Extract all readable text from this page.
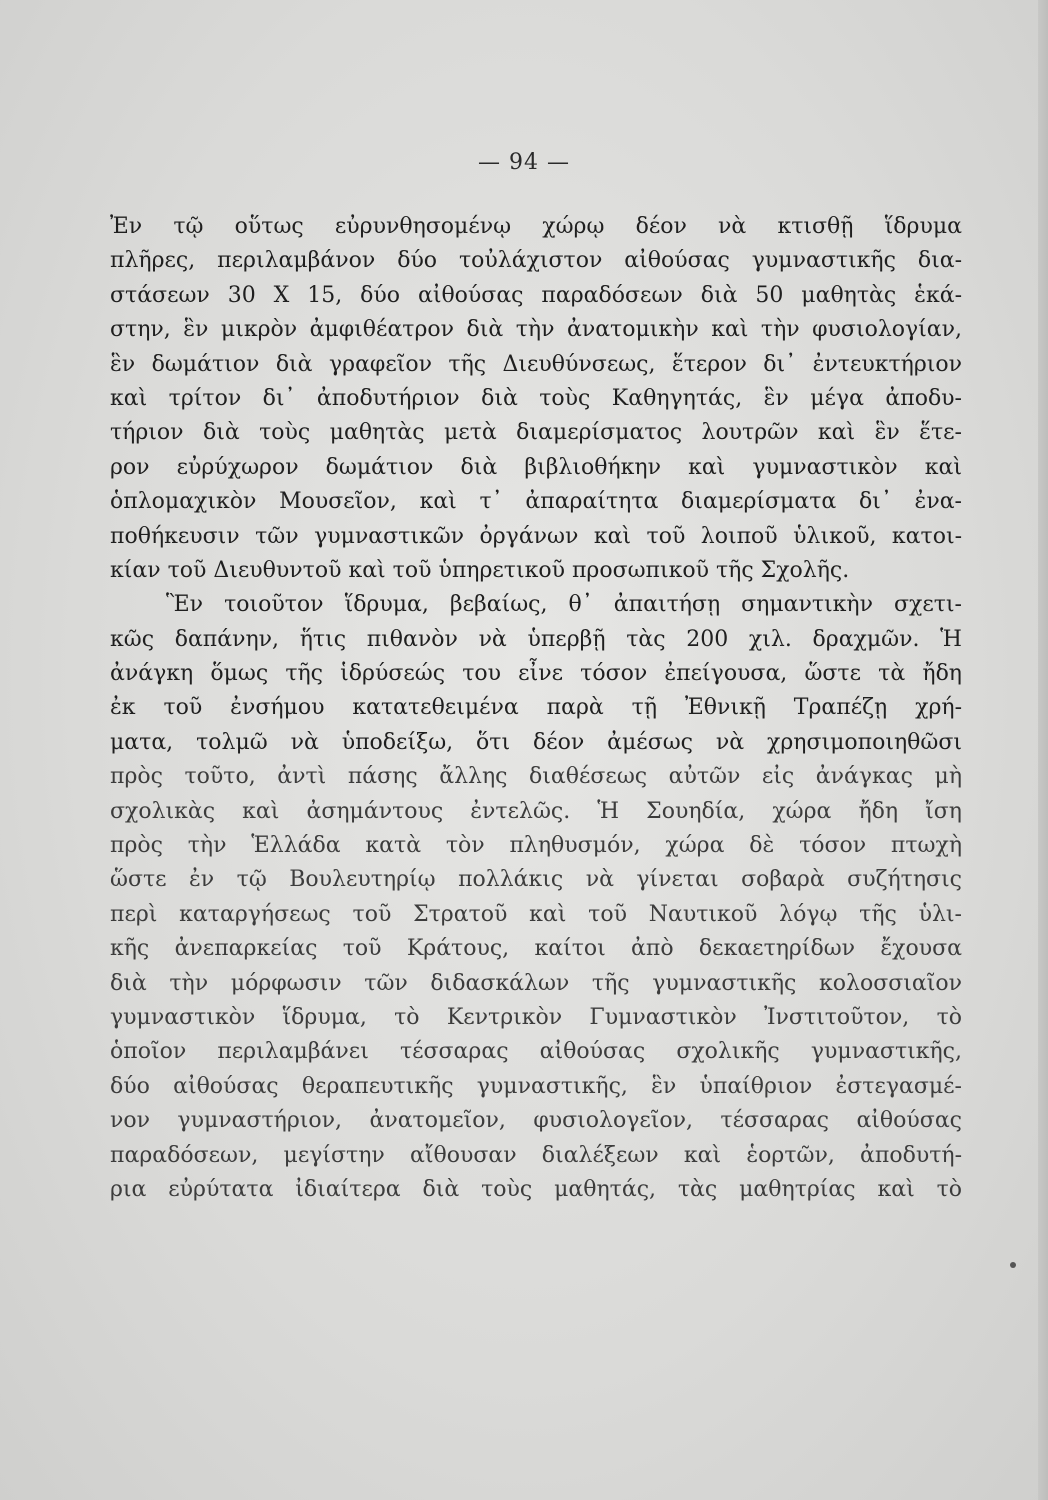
— 94 —
Ἐν τῷ οὕτως εὐρυνθησομένῳ χώρῳ δέον νὰ κτισθῇ ἵδρυμα
πλῆρες, περιλαμβάνον δύο τοὐλάχιστον αἰθούσας γυμναστικῆς δια-
στάσεων 30 X 15, δύο αἰθούσας παραδόσεων διὰ 50 μαθητὰς ἑκά-
στην, ἓν μικρὸν ἀμφιθέατρον διὰ τὴν ἀνατομικὴν καὶ τὴν φυσιολογίαν,
ἓν δωμάτιον διὰ γραφεῖον τῆς Διευθύνσεως, ἕτερον δι᾽ ἐντευκτήριον
καὶ τρίτον δι᾽ ἀποδυτήριον διὰ τοὺς Καθηγητάς, ἓν μέγα ἀποδυ-
τήριον διὰ τοὺς μαθητὰς μετὰ διαμερίσματος λουτρῶν καὶ ἓν ἕτε-
ρον εὐρύχωρον δωμάτιον διὰ βιβλιοθήκην καὶ γυμναστικὸν καὶ
ὁπλομαχικὸν Μουσεῖον, καὶ τ᾽ ἀπαραίτητα διαμερίσματα δι᾽ ἐνα-
ποθήκευσιν τῶν γυμναστικῶν ὀργάνων καὶ τοῦ λοιποῦ ὑλικοῦ, κατοι-
κίαν τοῦ Διευθυντοῦ καὶ τοῦ ὑπηρετικοῦ προσωπικοῦ τῆς Σχολῆς.
Ἓν τοιοῦτον ἵδρυμα, βεβαίως, θ᾽ ἀπαιτήσῃ σημαντικὴν σχετι-
κῶς δαπάνην, ἥτις πιθανὸν νὰ ὑπερβῇ τὰς 200 χιλ. δραχμῶν. Ἡ
ἀνάγκη ὅμως τῆς ἱδρύσεώς του εἶνε τόσον ἐπείγουσα, ὥστε τὰ ἤδη
ἐκ τοῦ ἐνσήμου κατατεθειμένα παρὰ τῇ Ἐθνικῇ Τραπέζῃ χρή-
ματα, τολμῶ νὰ ὑποδείξω, ὅτι δέον ἀμέσως νὰ χρησιμοποιηθῶσι
πρὸς τοῦτο, ἀντὶ πάσης ἄλλης διαθέσεως αὐτῶν εἰς ἀνάγκας μὴ
σχολικὰς καὶ ἀσημάντους ἐντελῶς. Ἡ Σουηδία, χώρα ἤδη ἴση
πρὸς τὴν Ἑλλάδα κατὰ τὸν πληθυσμόν, χώρα δὲ τόσον πτωχὴ
ὥστε ἐν τῷ Βουλευτηρίῳ πολλάκις νὰ γίνεται σοβαρὰ συζήτησις
περὶ καταργήσεως τοῦ Στρατοῦ καὶ τοῦ Ναυτικοῦ λόγῳ τῆς ὑλι-
κῆς ἀνεπαρκείας τοῦ Κράτους, καίτοι ἀπὸ δεκαετηρίδων ἔχουσα
διὰ τὴν μόρφωσιν τῶν διδασκάλων τῆς γυμναστικῆς κολοσσιαῖον
γυμναστικὸν ἵδρυμα, τὸ Κεντρικὸν Γυμναστικὸν Ἰνστιτοῦτον, τὸ
ὁποῖον περιλαμβάνει τέσσαρας αἰθούσας σχολικῆς γυμναστικῆς,
δύο αἰθούσας θεραπευτικῆς γυμναστικῆς, ἓν ὑπαίθριον ἐστεγασμέ-
νον γυμναστήριον, ἀνατομεῖον, φυσιολογεῖον, τέσσαρας αἰθούσας
παραδόσεων, μεγίστην αἴθουσαν διαλέξεων καὶ ἑορτῶν, ἀποδυτή-
ρια εὐρύτατα ἰδιαίτερα διὰ τοὺς μαθητάς, τὰς μαθητρίας καὶ τὸ
